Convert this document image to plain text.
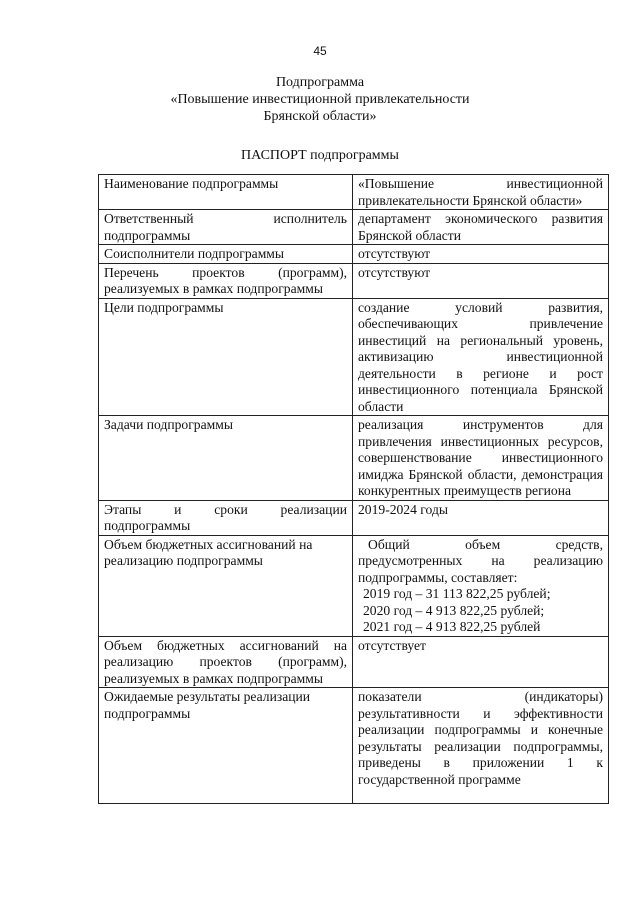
45
Подпрограмма
«Повышение инвестиционной привлекательности
Брянской области»
ПАСПОРТ подпрограммы
Наименование подпрограммы	«Повышение инвестиционной привлекательности Брянской области»
Ответственный исполнитель подпрограммы	департамент экономического развития Брянской области
Соисполнители подпрограммы	отсутствуют
Перечень проектов (программ), реализуемых в рамках подпрограммы	отсутствуют
Цели подпрограммы	создание условий развития, обеспечивающих привлечение инвестиций на региональный уровень, активизацию инвестиционной деятельности в регионе и рост инвестиционного потенциала Брянской области
Задачи подпрограммы	реализация инструментов для привлечения инвестиционных ресурсов, совершенствование инвестиционного имиджа Брянской области, демонстрация конкурентных преимуществ региона
Этапы и сроки реализации подпрограммы	2019-2024 годы
Объем бюджетных ассигнований на реализацию подпрограммы	Общий объем средств, предусмотренных на реализацию подпрограммы, составляет:
2019 год – 31 113 822,25 рублей;
2020 год – 4 913 822,25 рублей;
2021 год – 4 913 822,25 рублей

Объем бюджетных ассигнований на реализацию проектов (программ), реализуемых в рамках подпрограммы	отсутствует
Ожидаемые результаты реализации подпрограммы	показатели (индикаторы) результативности и эффективности реализации подпрограммы и конечные результаты реализации подпрограммы, приведены в приложении 1 к государственной программе
